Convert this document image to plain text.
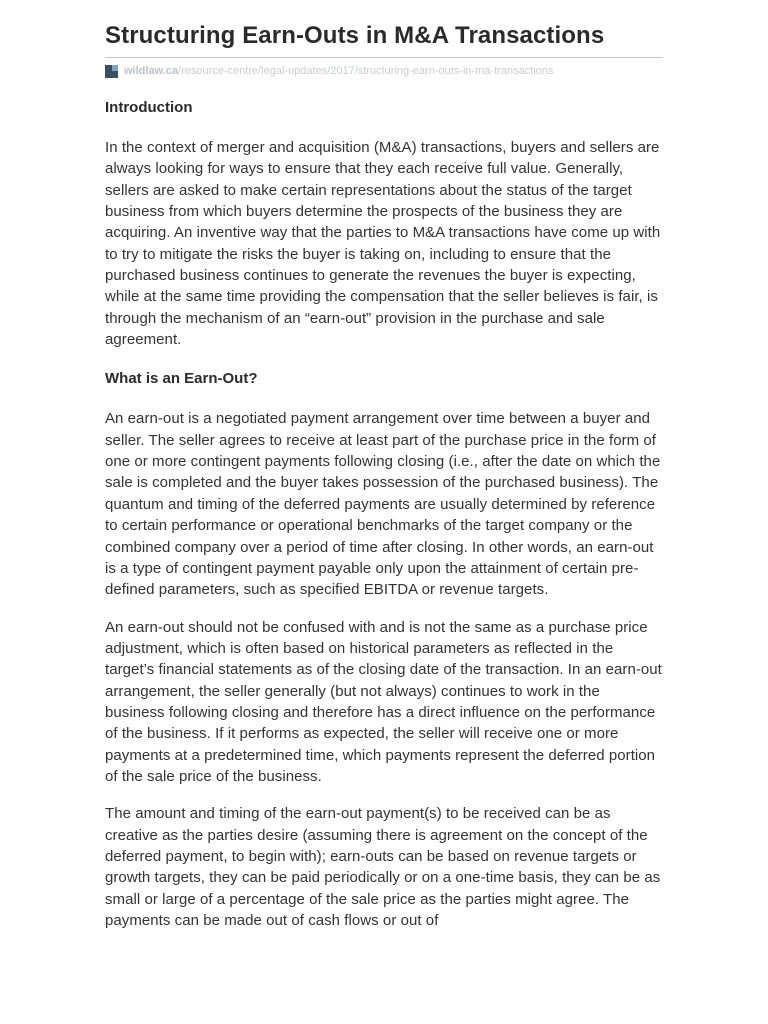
Structuring Earn-Outs in M&A Transactions
wildlaw.ca /resource-centre/legal-updates/2017/structuring-earn-outs-in-ma-transactions
Introduction

In the context of merger and acquisition (M&A) transactions, buyers and sellers are always looking for ways to ensure that they each receive full value. Generally, sellers are asked to make certain representations about the status of the target business from which buyers determine the prospects of the business they are acquiring. An inventive way that the parties to M&A transactions have come up with to try to mitigate the risks the buyer is taking on, including to ensure that the purchased business continues to generate the revenues the buyer is expecting, while at the same time providing the compensation that the seller believes is fair, is through the mechanism of an “earn-out” provision in the purchase and sale agreement.

What is an Earn-Out?

An earn-out is a negotiated payment arrangement over time between a buyer and seller. The seller agrees to receive at least part of the purchase price in the form of one or more contingent payments following closing (i.e., after the date on which the sale is completed and the buyer takes possession of the purchased business). The quantum and timing of the deferred payments are usually determined by reference to certain performance or operational benchmarks of the target company or the combined company over a period of time after closing. In other words, an earn-out is a type of contingent payment payable only upon the attainment of certain pre-defined parameters, such as specified EBITDA or revenue targets.

An earn-out should not be confused with and is not the same as a purchase price adjustment, which is often based on historical parameters as reflected in the target’s financial statements as of the closing date of the transaction. In an earn-out arrangement, the seller generally (but not always) continues to work in the business following closing and therefore has a direct influence on the performance of the business. If it performs as expected, the seller will receive one or more payments at a predetermined time, which payments represent the deferred portion of the sale price of the business.

The amount and timing of the earn-out payment(s) to be received can be as creative as the parties desire (assuming there is agreement on the concept of the deferred payment, to begin with); earn-outs can be based on revenue targets or growth targets, they can be paid periodically or on a one-time basis, they can be as small or large of a percentage of the sale price as the parties might agree. The payments can be made out of cash flows or out of
